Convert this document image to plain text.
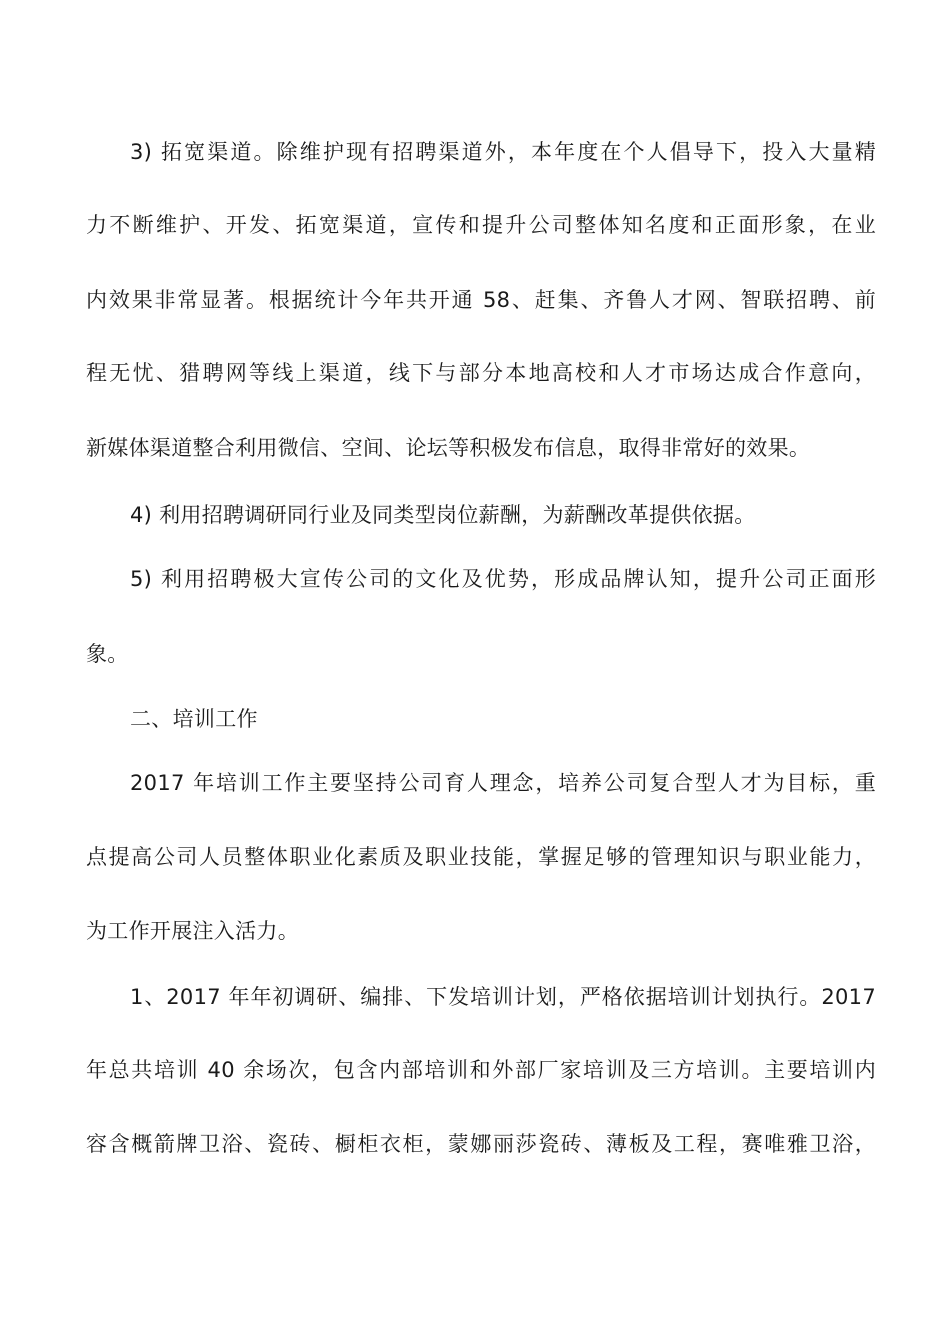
3) 拓宽渠道。除维护现有招聘渠道外，本年度在个人倡导下，投入大量精
力不断维护、开发、拓宽渠道，宣传和提升公司整体知名度和正面形象，在业
内效果非常显著。根据统计今年共开通 58、赶集、齐鲁人才网、智联招聘、前
程无忧、猎聘网等线上渠道，线下与部分本地高校和人才市场达成合作意向，
新媒体渠道整合利用微信、空间、论坛等积极发布信息，取得非常好的效果。
4) 利用招聘调研同行业及同类型岗位薪酬，为薪酬改革提供依据。
5) 利用招聘极大宣传公司的文化及优势，形成品牌认知，提升公司正面形
象。
二、培训工作
2017 年培训工作主要坚持公司育人理念，培养公司复合型人才为目标，重
点提高公司人员整体职业化素质及职业技能，掌握足够的管理知识与职业能力，
为工作开展注入活力。
1、2017 年年初调研、编排、下发培训计划，严格依据培训计划执行。2017
年总共培训 40 余场次，包含内部培训和外部厂家培训及三方培训。主要培训内
容含概箭牌卫浴、瓷砖、橱柜衣柜，蒙娜丽莎瓷砖、薄板及工程，赛唯雅卫浴，
